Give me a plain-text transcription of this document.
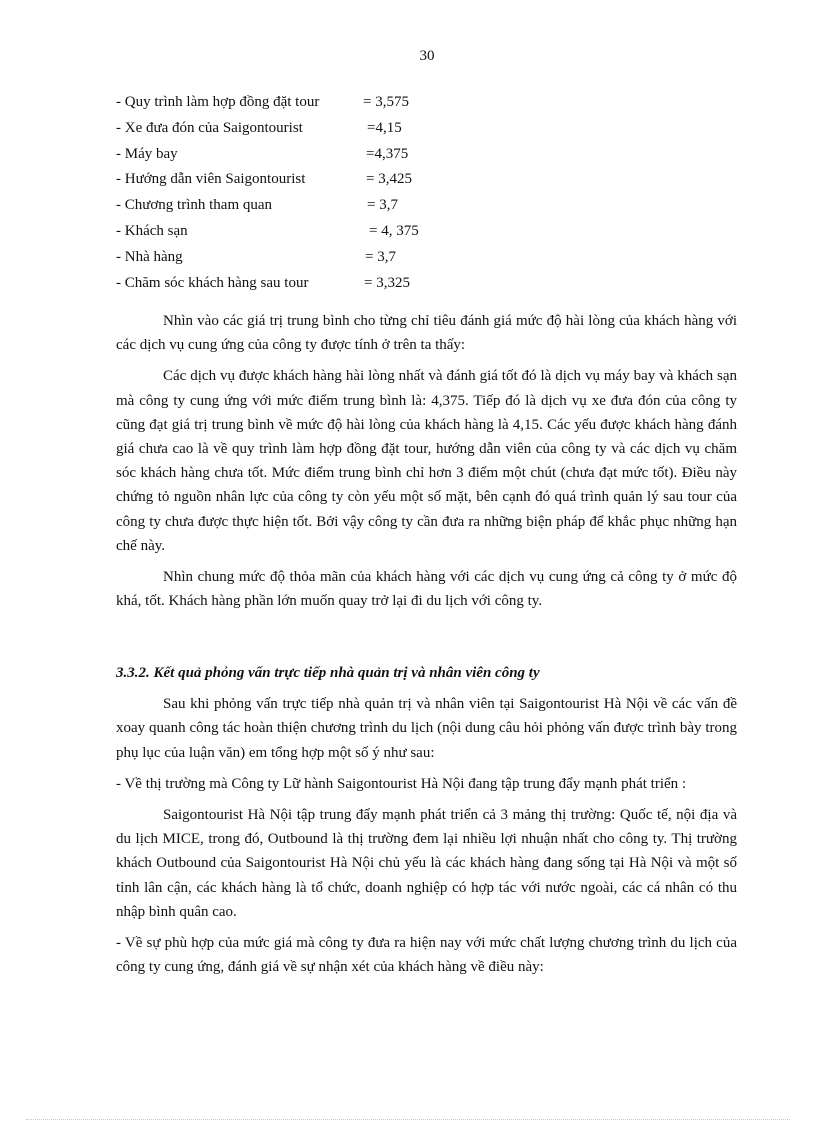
30
- Quy trình làm hợp đồng đặt tour	= 3,575
- Xe đưa đón của Saigontourist	=4,15
- Máy bay	=4,375
- Hướng dẫn viên Saigontourist	= 3,425
- Chương trình tham quan	= 3,7
- Khách sạn	= 4, 375
- Nhà hàng	= 3,7
- Chăm sóc khách hàng sau tour	= 3,325

Nhìn vào các giá trị trung bình cho từng chỉ tiêu đánh giá mức độ hài lòng của khách hàng với các dịch vụ cung ứng của công ty được tính ở trên ta thấy:

Các dịch vụ được khách hàng hài lòng nhất và đánh giá tốt đó là dịch vụ máy bay và khách sạn mà công ty cung ứng với mức điểm trung bình là: 4,375. Tiếp đó là dịch vụ xe đưa đón của công ty cũng đạt giá trị trung bình về mức độ hài lòng của khách hàng là 4,15. Các yếu được khách hàng đánh giá chưa cao là về quy trình làm hợp đồng đặt tour, hướng dẫn viên của công ty và các dịch vụ chăm sóc khách hàng chưa tốt. Mức điểm trung bình chỉ hơn 3 điểm một chút (chưa đạt mức tốt). Điều này chứng tỏ nguồn nhân lực của công ty còn yếu một số mặt, bên cạnh đó quá trình quản lý sau tour của công ty chưa được thực hiện tốt. Bởi vậy công ty cần đưa ra những biện pháp để khắc phục những hạn chế này.

Nhìn chung mức độ thỏa mãn của khách hàng với các dịch vụ cung ứng cả công ty ở mức độ khá, tốt. Khách hàng phần lớn muốn quay trở lại đi du lịch với công ty.

3.3.2. Kết quả phỏng vấn trực tiếp nhà quản trị và nhân viên công ty

Sau khi phỏng vấn trực tiếp nhà quản trị và nhân viên tại Saigontourist Hà Nội về các vấn đề xoay quanh công tác hoàn thiện chương trình du lịch (nội dung câu hỏi phỏng vấn được trình bày trong phụ lục của luận văn) em tổng hợp một số ý như sau:

- Về thị trường mà Công ty Lữ hành Saigontourist Hà Nội đang tập trung đẩy mạnh phát triển :

Saigontourist Hà Nội tập trung đẩy mạnh phát triển cả 3 mảng thị trường: Quốc tế, nội địa và du lịch MICE, trong đó, Outbound là thị trường đem lại nhiều lợi nhuận nhất cho công ty. Thị trường khách Outbound của Saigontourist Hà Nội chủ yếu là các khách hàng đang sống tại Hà Nội và một số tỉnh lân cận, các khách hàng là tổ chức, doanh nghiệp có hợp tác với nước ngoài, các cá nhân có thu nhập bình quân cao.

- Về sự phù hợp của mức giá mà công ty đưa ra hiện nay với mức chất lượng chương trình du lịch của công ty cung ứng, đánh giá về sự nhận xét của khách hàng về điều này:
